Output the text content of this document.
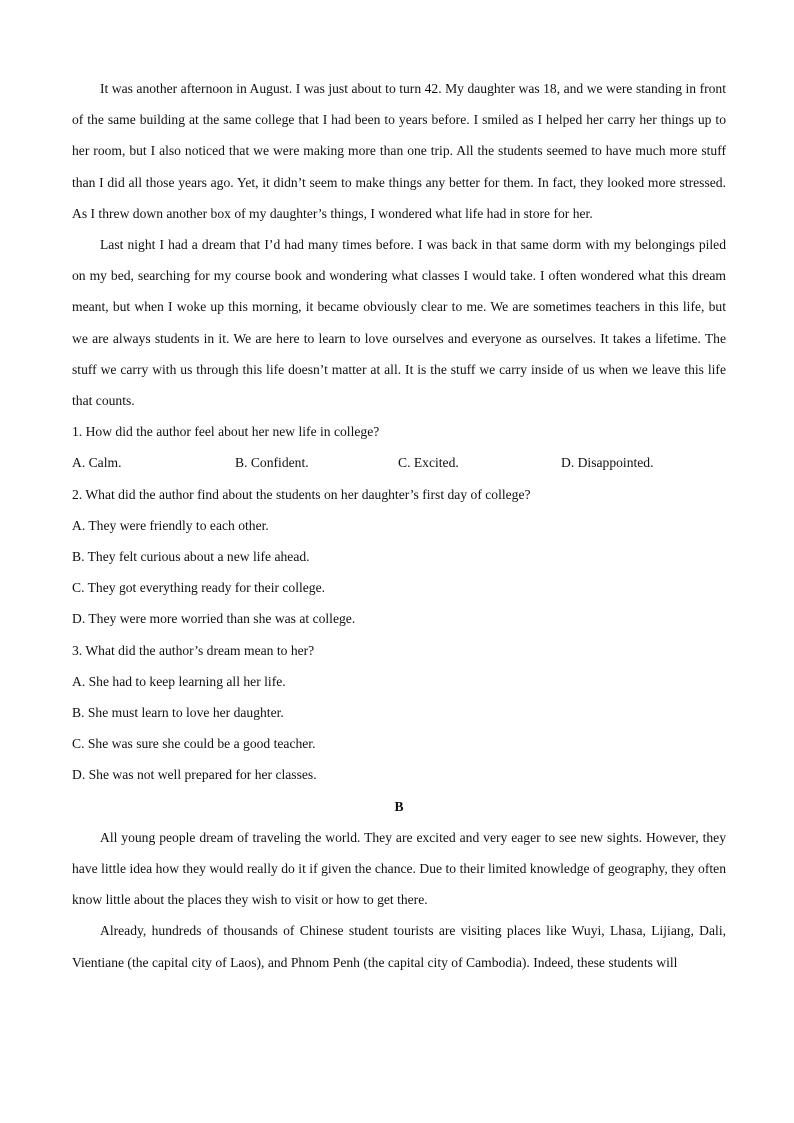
It was another afternoon in August. I was just about to turn 42. My daughter was 18, and we were standing in front of the same building at the same college that I had been to years before. I smiled as I helped her carry her things up to her room, but I also noticed that we were making more than one trip. All the students seemed to have much more stuff than I did all those years ago. Yet, it didn’t seem to make things any better for them. In fact, they looked more stressed. As I threw down another box of my daughter’s things, I wondered what life had in store for her.

Last night I had a dream that I’d had many times before. I was back in that same dorm with my belongings piled on my bed, searching for my course book and wondering what classes I would take. I often wondered what this dream meant, but when I woke up this morning, it became obviously clear to me. We are sometimes teachers in this life, but we are always students in it. We are here to learn to love ourselves and everyone as ourselves. It takes a lifetime. The stuff we carry with us through this life doesn’t matter at all. It is the stuff we carry inside of us when we leave this life that counts.

1. How did the author feel about her new life in college?

A. Calm.	B. Confident.	C. Excited.	D. Disappointed.

2. What did the author find about the students on her daughter’s first day of college?

A. They were friendly to each other.

B. They felt curious about a new life ahead.

C. They got everything ready for their college.

D. They were more worried than she was at college.

3. What did the author’s dream mean to her?

A. She had to keep learning all her life.

B. She must learn to love her daughter.

C. She was sure she could be a good teacher.

D. She was not well prepared for her classes.

B

All young people dream of traveling the world. They are excited and very eager to see new sights. However, they have little idea how they would really do it if given the chance. Due to their limited knowledge of geography, they often know little about the places they wish to visit or how to get there.

Already, hundreds of thousands of Chinese student tourists are visiting places like Wuyi, Lhasa, Lijiang, Dali, Vientiane (the capital city of Laos), and Phnom Penh (the capital city of Cambodia). Indeed, these students will
